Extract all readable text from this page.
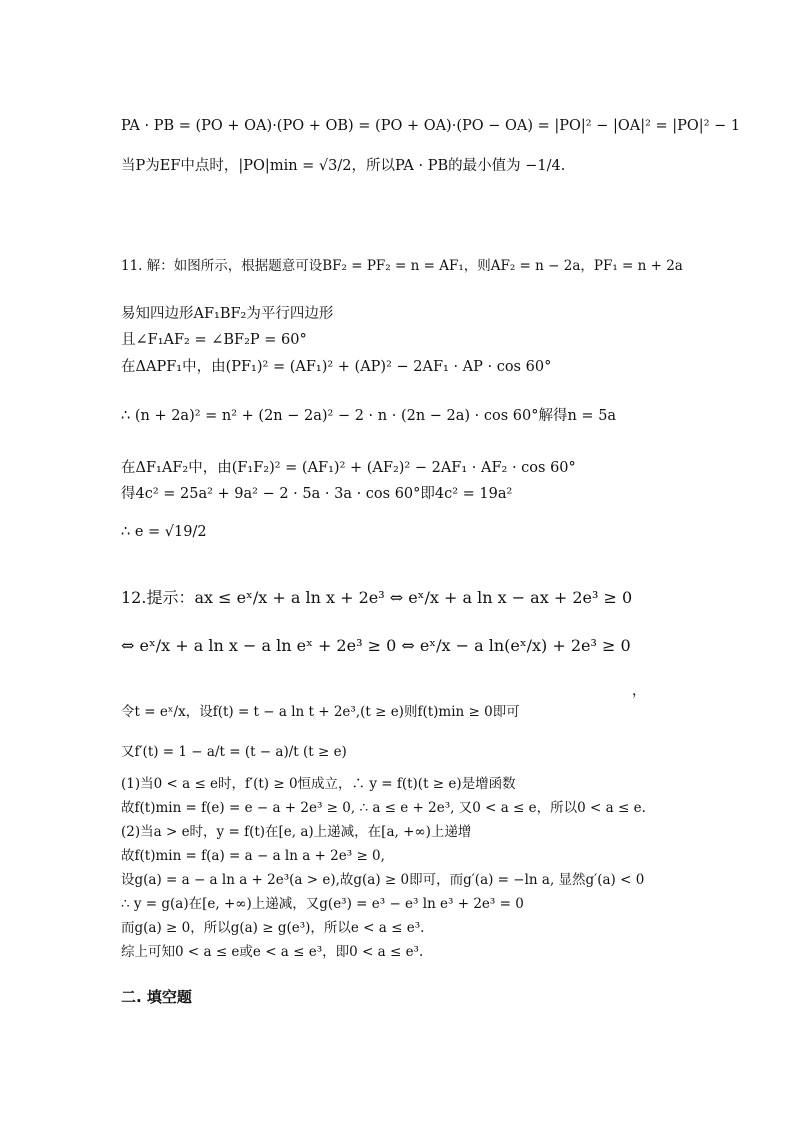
PA · PB = (PO + OA)·(PO + OB) = (PO + OA)·(PO − OA) = |PO|² − |OA|² = |PO|² − 1
当P为EF中点时，|PO|min = √3/2，所以PA · PB的最小值为 −1/4.
11. 解：如图所示，根据题意可设BF₂ = PF₂ = n = AF₁，则AF₂ = n − 2a，PF₁ = n + 2a
易知四边形AF₁BF₂为平行四边形
且∠F₁AF₂ = ∠BF₂P = 60°
在ΔAPF₁中，由(PF₁)² = (AF₁)² + (AP)² − 2AF₁ · AP · cos 60°
∴ (n + 2a)² = n² + (2n − 2a)² − 2 · n · (2n − 2a) · cos 60°解得n = 5a
在ΔF₁AF₂中，由(F₁F₂)² = (AF₁)² + (AF₂)² − 2AF₁ · AF₂ · cos 60°
得4c² = 25a² + 9a² − 2 · 5a · 3a · cos 60°即4c² = 19a²
∴ e = √19/2
12.提示：ax ≤ eˣ/x + a ln x + 2e³ ⇔ eˣ/x + a ln x − ax + 2e³ ≥ 0
⇔ eˣ/x + a ln x − a ln eˣ + 2e³ ≥ 0 ⇔ eˣ/x − a ln(eˣ/x) + 2e³ ≥ 0
，
令t = eˣ/x，设f(t) = t − a ln t + 2e³,(t ≥ e)则f(t)min ≥ 0即可
又f′(t) = 1 − a/t = (t − a)/t (t ≥ e)
(1)当0 < a ≤ e时，f′(t) ≥ 0恒成立，∴ y = f(t)(t ≥ e)是增函数
故f(t)min = f(e) = e − a + 2e³ ≥ 0, ∴ a ≤ e + 2e³, 又0 < a ≤ e，所以0 < a ≤ e.
(2)当a > e时，y = f(t)在[e, a)上递减，在[a, +∞)上递增
故f(t)min = f(a) = a − a ln a + 2e³ ≥ 0,
设g(a) = a − a ln a + 2e³(a > e),故g(a) ≥ 0即可，而g′(a) = −ln a, 显然g′(a) < 0
∴ y = g(a)在[e, +∞)上递减，又g(e³) = e³ − e³ ln e³ + 2e³ = 0
而g(a) ≥ 0，所以g(a) ≥ g(e³)，所以e < a ≤ e³.
综上可知0 < a ≤ e或e < a ≤ e³，即0 < a ≤ e³.
二. 填空题
